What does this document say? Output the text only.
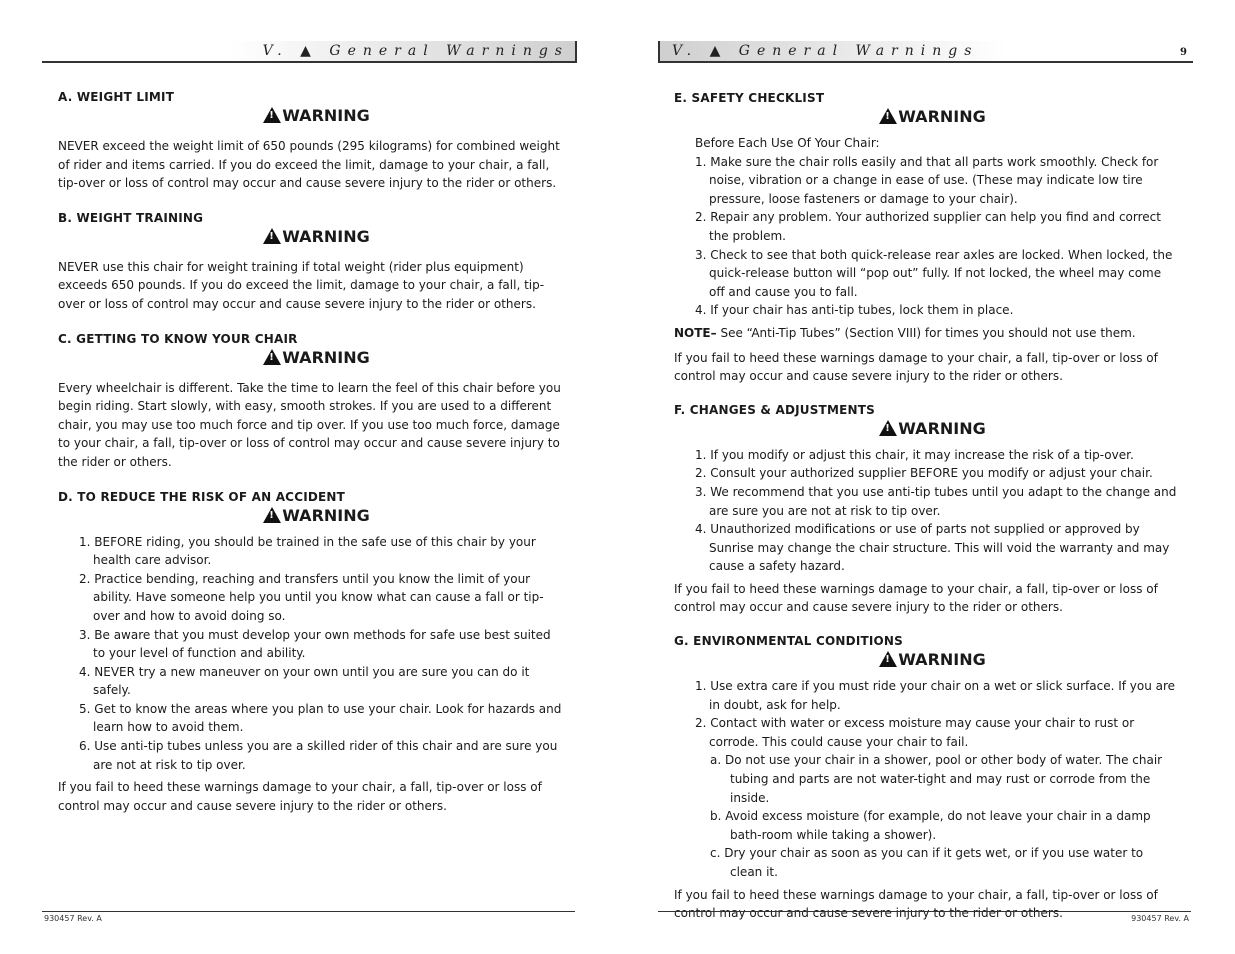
V. ▲ General Warnings
A. WEIGHT LIMIT
!WARNING

NEVER exceed the weight limit of 650 pounds (295 kilograms) for combined weight of rider and items carried. If you do exceed the limit, damage to your chair, a fall, tip-over or loss of control may occur and cause severe injury to the rider or others.

B. WEIGHT TRAINING
!WARNING

NEVER use this chair for weight training if total weight (rider plus equipment) exceeds 650 pounds. If you do exceed the limit, damage to your chair, a fall, tip-over or loss of control may occur and cause severe injury to the rider or others.

C. GETTING TO KNOW YOUR CHAIR
!WARNING

Every wheelchair is different. Take the time to learn the feel of this chair before you begin riding. Start slowly, with easy, smooth strokes. If you are used to a different chair, you may use too much force and tip over. If you use too much force, damage to your chair, a fall, tip-over or loss of control may occur and cause severe injury to the rider or others.

D. TO REDUCE THE RISK OF AN ACCIDENT
!WARNING
1. BEFORE riding, you should be trained in the safe use of this chair by your health care advisor.
2. Practice bending, reaching and transfers until you know the limit of your ability. Have someone help you until you know what can cause a fall or tip-over and how to avoid doing so.
3. Be aware that you must develop your own methods for safe use best suited to your level of function and ability.
4. NEVER try a new maneuver on your own until you are sure you can do it safely.
5. Get to know the areas where you plan to use your chair. Look for hazards and learn how to avoid them.
6. Use anti-tip tubes unless you are a skilled rider of this chair and are sure you are not at risk to tip over.

If you fail to heed these warnings damage to your chair, a fall, tip-over or loss of control may occur and cause severe injury to the rider or others.

930457 Rev. A
V. ▲ General Warnings	9
E. SAFETY CHECKLIST
!WARNING
Before Each Use Of Your Chair:
1. Make sure the chair rolls easily and that all parts work smoothly. Check for noise, vibration or a change in ease of use. (These may indicate low tire pressure, loose fasteners or damage to your chair).
2. Repair any problem. Your authorized supplier can help you find and correct the problem.
3. Check to see that both quick-release rear axles are locked. When locked, the quick-release button will “pop out” fully. If not locked, the wheel may come off and cause you to fall.
4. If your chair has anti-tip tubes, lock them in place.
NOTE– See “Anti-Tip Tubes” (Section VIII) for times you should not use them.

If you fail to heed these warnings damage to your chair, a fall, tip-over or loss of control may occur and cause severe injury to the rider or others.

F. CHANGES & ADJUSTMENTS
!WARNING
1. If you modify or adjust this chair, it may increase the risk of a tip-over.
2. Consult your authorized supplier BEFORE you modify or adjust your chair.
3. We recommend that you use anti-tip tubes until you adapt to the change and are sure you are not at risk to tip over.
4. Unauthorized modifications or use of parts not supplied or approved by Sunrise may change the chair structure. This will void the warranty and may cause a safety hazard.

If you fail to heed these warnings damage to your chair, a fall, tip-over or loss of control may occur and cause severe injury to the rider or others.

G. ENVIRONMENTAL CONDITIONS
!WARNING
1. Use extra care if you must ride your chair on a wet or slick surface. If you are in doubt, ask for help.
2. Contact with water or excess moisture may cause your chair to rust or corrode. This could cause your chair to fail.
a. Do not use your chair in a shower, pool or other body of water. The chair tubing and parts are not water-tight and may rust or corrode from the inside.
b. Avoid excess moisture (for example, do not leave your chair in a damp bath-room while taking a shower).
c. Dry your chair as soon as you can if it gets wet, or if you use water to clean it.

If you fail to heed these warnings damage to your chair, a fall, tip-over or loss of control may occur and cause severe injury to the rider or others.	930457 Rev. A
